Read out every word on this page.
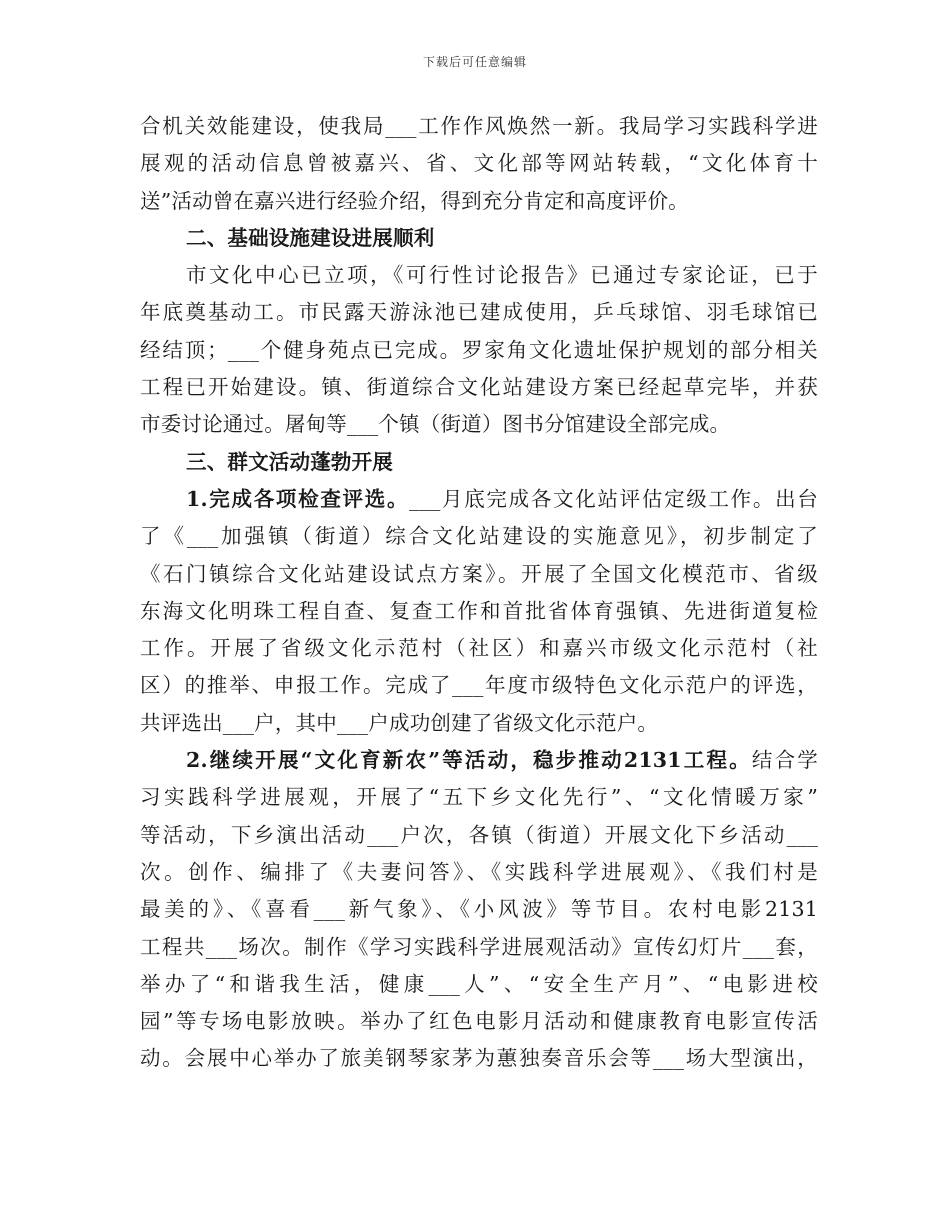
下载后可任意编辑
合机关效能建设，使我局___工作作风焕然一新。我局学习实践科学进
展观的活动信息曾被嘉兴、省、文化部等网站转载，“文化体育十
送”活动曾在嘉兴进行经验介绍，得到充分肯定和高度评价。
二、基础设施建设进展顺利
市文化中心已立项，《可行性讨论报告》已通过专家论证，已于
年底奠基动工。市民露天游泳池已建成使用，乒乓球馆、羽毛球馆已
经结顶；___个健身苑点已完成。罗家角文化遗址保护规划的部分相关
工程已开始建设。镇、街道综合文化站建设方案已经起草完毕，并获
市委讨论通过。屠甸等___个镇（街道）图书分馆建设全部完成。
三、群文活动蓬勃开展
1.完成各项检查评选。___月底完成各文化站评估定级工作。出台
了《___加强镇（街道）综合文化站建设的实施意见》，初步制定了
《石门镇综合文化站建设试点方案》。开展了全国文化模范市、省级
东海文化明珠工程自查、复查工作和首批省体育强镇、先进街道复检
工作。开展了省级文化示范村（社区）和嘉兴市级文化示范村（社
区）的推举、申报工作。完成了___年度市级特色文化示范户的评选，
共评选出___户，其中___户成功创建了省级文化示范户。
2.继续开展“文化育新农”等活动，稳步推动2131工程。结合学
习实践科学进展观，开展了“五下乡文化先行”、“文化情暖万家”
等活动，下乡演出活动___户次，各镇（街道）开展文化下乡活动___
次。创作、编排了《夫妻问答》、《实践科学进展观》、《我们村是
最美的》、《喜看___新气象》、《小风波》等节目。农村电影2131
工程共___场次。制作《学习实践科学进展观活动》宣传幻灯片___套，
举办了“和谐我生活，健康___人”、“安全生产月”、“电影进校
园”等专场电影放映。举办了红色电影月活动和健康教育电影宣传活
动。会展中心举办了旅美钢琴家茅为蕙独奏音乐会等___场大型演出，
